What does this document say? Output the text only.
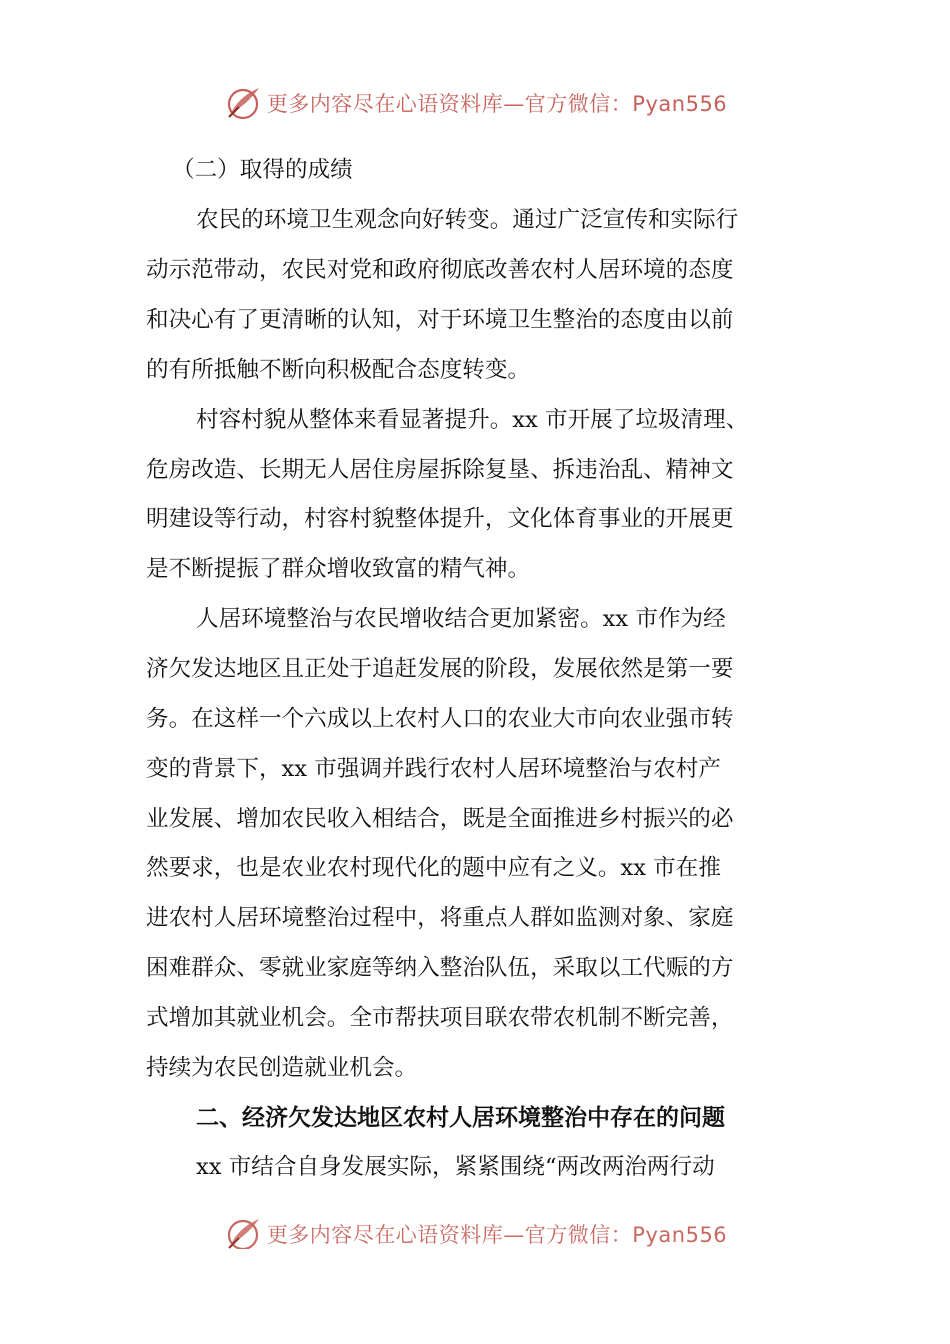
更多内容尽在心语资料库—官方微信：Pyan556
（二）取得的成绩
农民的环境卫生观念向好转变。通过广泛宣传和实际行
动示范带动，农民对党和政府彻底改善农村人居环境的态度
和决心有了更清晰的认知，对于环境卫生整治的态度由以前
的有所抵触不断向积极配合态度转变。
村容村貌从整体来看显著提升。xx 市开展了垃圾清理、
危房改造、长期无人居住房屋拆除复垦、拆违治乱、精神文
明建设等行动，村容村貌整体提升，文化体育事业的开展更
是不断提振了群众增收致富的精气神。
人居环境整治与农民增收结合更加紧密。xx 市作为经
济欠发达地区且正处于追赶发展的阶段，发展依然是第一要
务。在这样一个六成以上农村人口的农业大市向农业强市转
变的背景下，xx 市强调并践行农村人居环境整治与农村产
业发展、增加农民收入相结合，既是全面推进乡村振兴的必
然要求，也是农业农村现代化的题中应有之义。xx 市在推
进农村人居环境整治过程中，将重点人群如监测对象、家庭
困难群众、零就业家庭等纳入整治队伍，采取以工代赈的方
式增加其就业机会。全市帮扶项目联农带农机制不断完善，
持续为农民创造就业机会。
二、经济欠发达地区农村人居环境整治中存在的问题
xx 市结合自身发展实际，紧紧围绕“两改两治两行动
更多内容尽在心语资料库—官方微信：Pyan556
